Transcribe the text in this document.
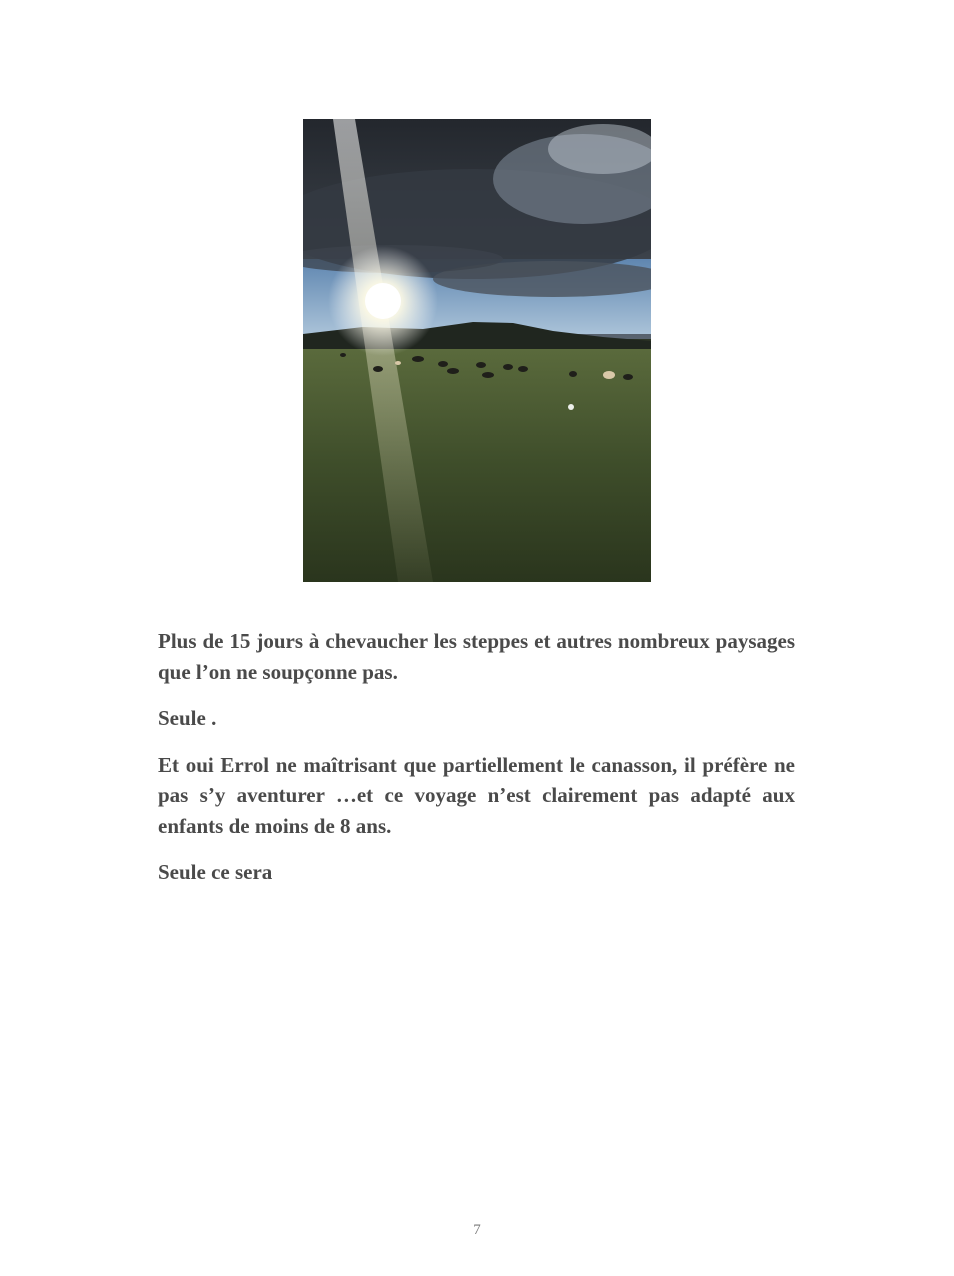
Plus de 15 jours à chevaucher les steppes et autres nombreux paysages que l’on ne soupçonne pas.

Seule .

Et oui Errol ne maîtrisant que partiellement le canasson, il préfère ne pas s’y aventurer …et ce voyage n’est clairement pas adapté aux enfants de moins de 8 ans.

Seule ce sera

7
